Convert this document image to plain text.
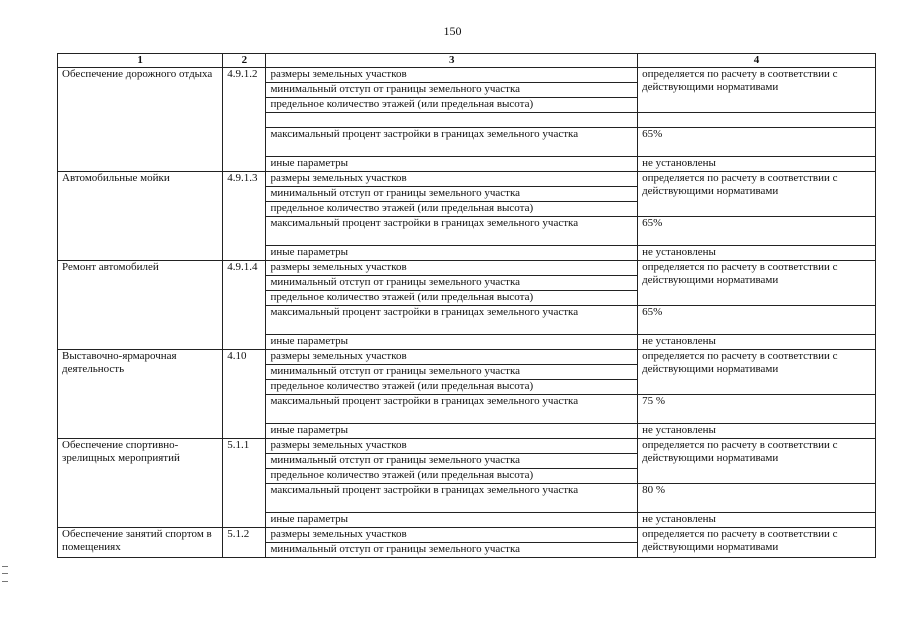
150
1	2	3	4
Обеспечение дорожного отдыха	4.9.1.2	размеры земельных участков	определяется по расчету в соответствии с действующими нормативами
		минимальный отступ от границы земельного участка	
		предельное количество этажей (или предельная высота)	

		максимальный процент застройки в границах земельного участка	65%
		иные параметры	не установлены
Автомобильные мойки	4.9.1.3	размеры земельных участков	определяется по расчету в соответствии с действующими нормативами
		минимальный отступ от границы земельного участка	
		предельное количество этажей (или предельная высота)	
		максимальный процент застройки в границах земельного участка	65%
		иные параметры	не установлены
Ремонт автомобилей	4.9.1.4	размеры земельных участков	определяется по расчету в соответствии с действующими нормативами
		минимальный отступ от границы земельного участка	
		предельное количество этажей (или предельная высота)	
		максимальный процент застройки в границах земельного участка	65%
		иные параметры	не установлены
Выставочно-ярмарочная деятельность	4.10	размеры земельных участков	определяется по расчету в соответствии с действующими нормативами
		минимальный отступ от границы земельного участка	
		предельное количество этажей (или предельная высота)	
		максимальный процент застройки в границах земельного участка	75 %
		иные параметры	не установлены
Обеспечение спортивно-зрелищных мероприятий	5.1.1	размеры земельных участков	определяется по расчету в соответствии с действующими нормативами
		минимальный отступ от границы земельного участка	
		предельное количество этажей (или предельная высота)	
		максимальный процент застройки в границах земельного участка	80 %
		иные параметры	не установлены
Обеспечение занятий спортом в помещениях	5.1.2	размеры земельных участков	определяется по расчету в соответствии с действующими нормативами
		минимальный отступ от границы земельного участка	
